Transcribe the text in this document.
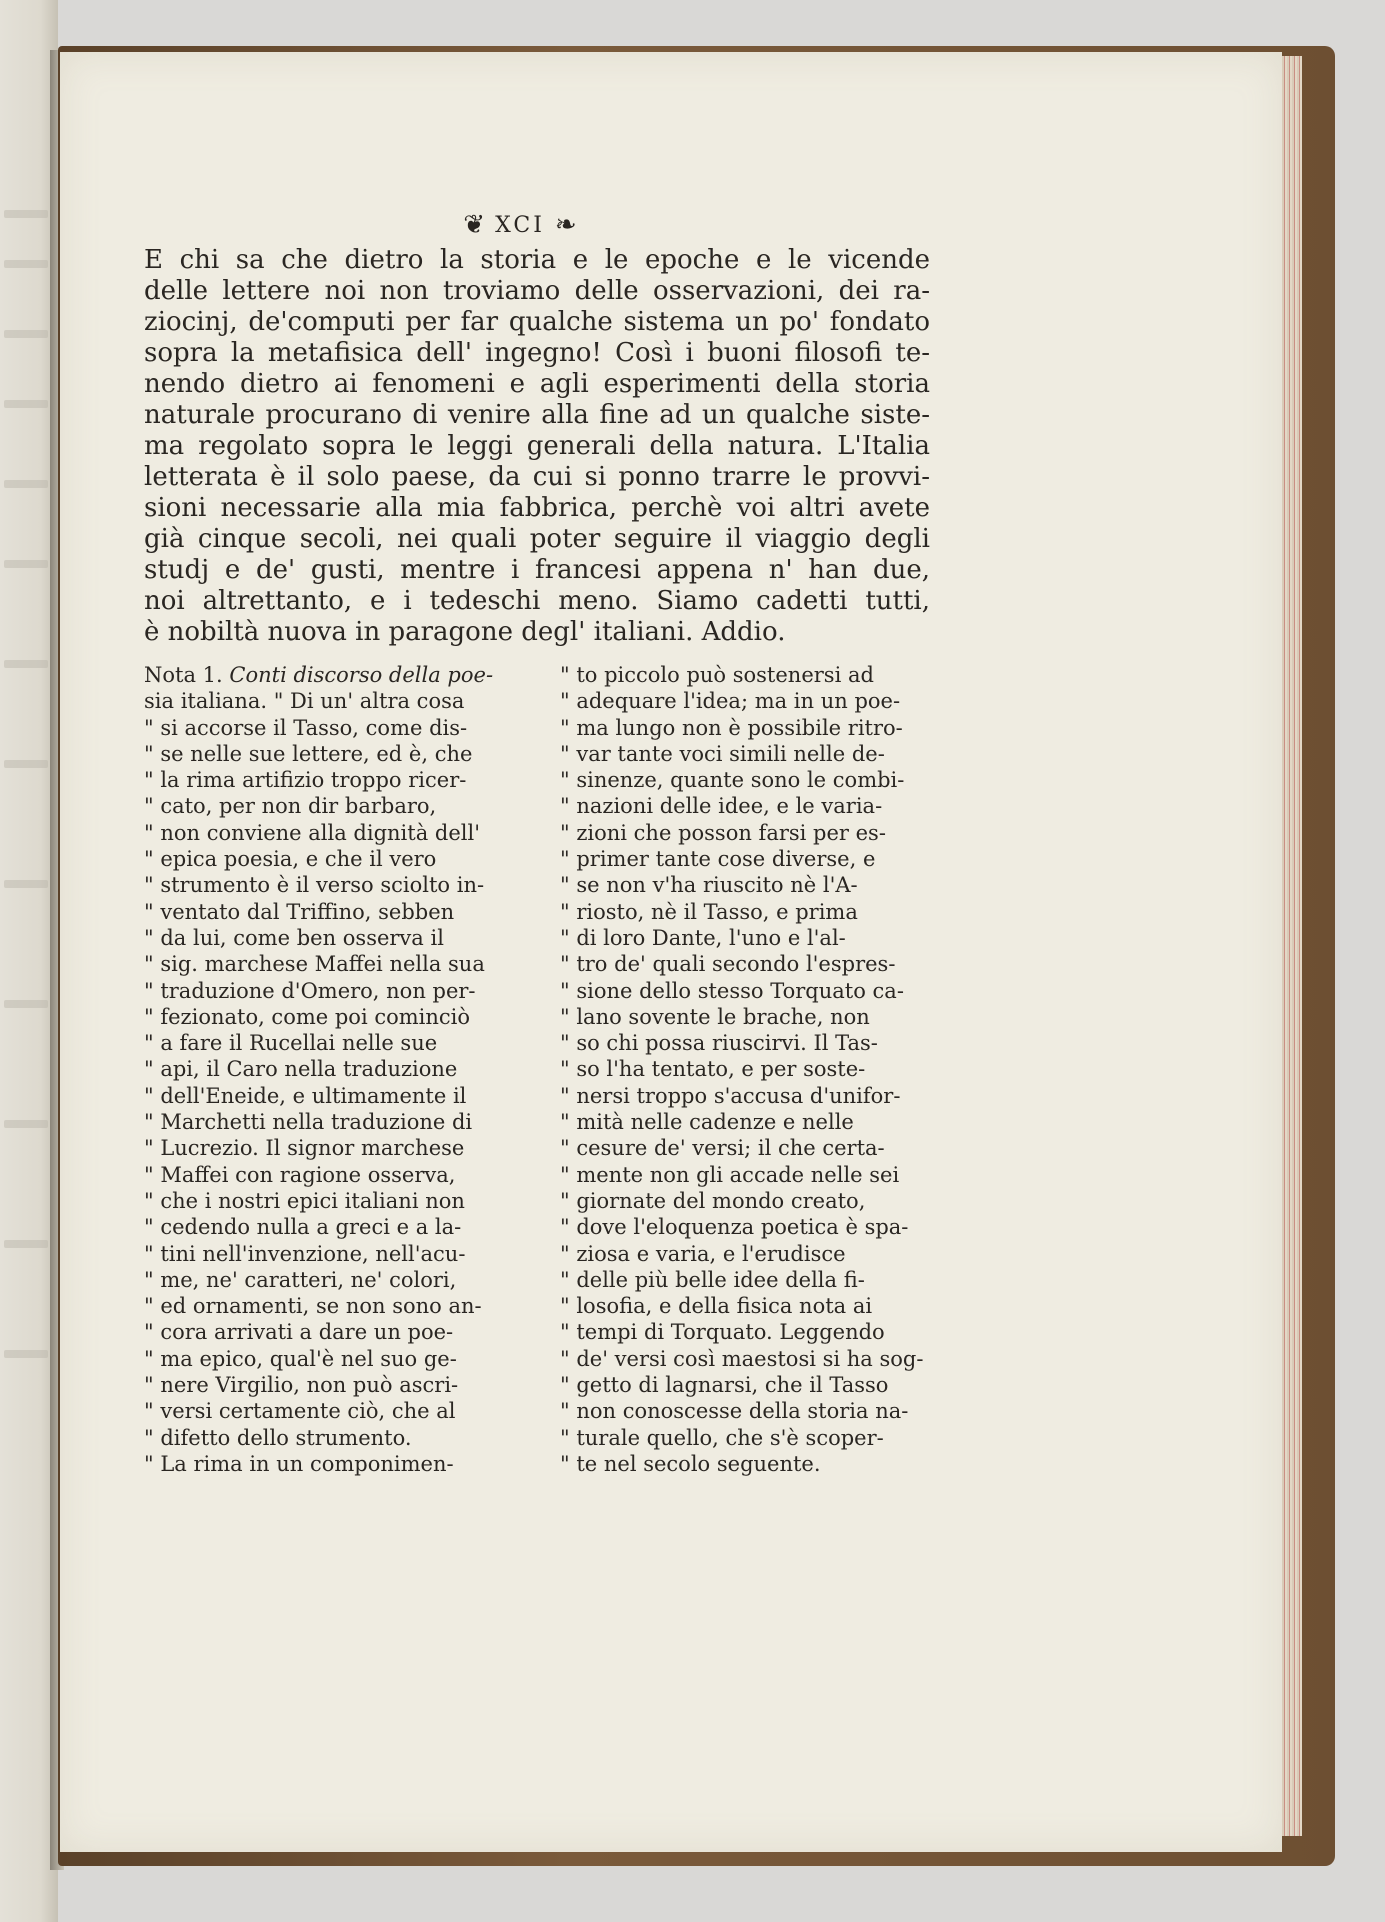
❦ XCI ❧
E chi sa che dietro la storia e le epoche e le vicende
delle lettere noi non troviamo delle osservazioni, dei ra-
ziocinj, de'computi per far qualche sistema un po' fondato
sopra la metafisica dell' ingegno! Così i buoni filosofi te-
nendo dietro ai fenomeni e agli esperimenti della storia
naturale procurano di venire alla fine ad un qualche siste-
ma regolato sopra le leggi generali della natura. L'Italia
letterata è il solo paese, da cui si ponno trarre le provvi-
sioni necessarie alla mia fabbrica, perchè voi altri avete
già cinque secoli, nei quali poter seguire il viaggio degli
studj e de' gusti, mentre i francesi appena n' han due,
noi altrettanto, e i tedeschi meno. Siamo cadetti tutti,
è nobiltà nuova in paragone degl' italiani. Addio.
Nota 1. Conti discorso della poe-
sia italiana. " Di un' altra cosa
" si accorse il Tasso, come dis-
" se nelle sue lettere, ed è, che
" la rima artifizio troppo ricer-
" cato, per non dir barbaro,
" non conviene alla dignità dell'
" epica poesia, e che il vero
" strumento è il verso sciolto in-
" ventato dal Triffino, sebben
" da lui, come ben osserva il
" sig. marchese Maffei nella sua
" traduzione d'Omero, non per-
" fezionato, come poi cominciò
" a fare il Rucellai nelle sue
" api, il Caro nella traduzione
" dell'Eneide, e ultimamente il
" Marchetti nella traduzione di
" Lucrezio. Il signor marchese
" Maffei con ragione osserva,
" che i nostri epici italiani non
" cedendo nulla a greci e a la-
" tini nell'invenzione, nell'acu-
" me, ne' caratteri, ne' colori,
" ed ornamenti, se non sono an-
" cora arrivati a dare un poe-
" ma epico, qual'è nel suo ge-
" nere Virgilio, non può ascri-
" versi certamente ciò, che al
" difetto dello strumento.
" La rima in un componimen-
" to piccolo può sostenersi ad
" adequare l'idea; ma in un poe-
" ma lungo non è possibile ritro-
" var tante voci simili nelle de-
" sinenze, quante sono le combi-
" nazioni delle idee, e le varia-
" zioni che posson farsi per es-
" primer tante cose diverse, e
" se non v'ha riuscito nè l'A-
" riosto, nè il Tasso, e prima
" di loro Dante, l'uno e l'al-
" tro de' quali secondo l'espres-
" sione dello stesso Torquato ca-
" lano sovente le brache, non
" so chi possa riuscirvi. Il Tas-
" so l'ha tentato, e per soste-
" nersi troppo s'accusa d'unifor-
" mità nelle cadenze e nelle
" cesure de' versi; il che certa-
" mente non gli accade nelle sei
" giornate del mondo creato,
" dove l'eloquenza poetica è spa-
" ziosa e varia, e l'erudisce
" delle più belle idee della fi-
" losofia, e della fisica nota ai
" tempi di Torquato. Leggendo
" de' versi così maestosi si ha sog-
" getto di lagnarsi, che il Tasso
" non conoscesse della storia na-
" turale quello, che s'è scoper-
" te nel secolo seguente.
